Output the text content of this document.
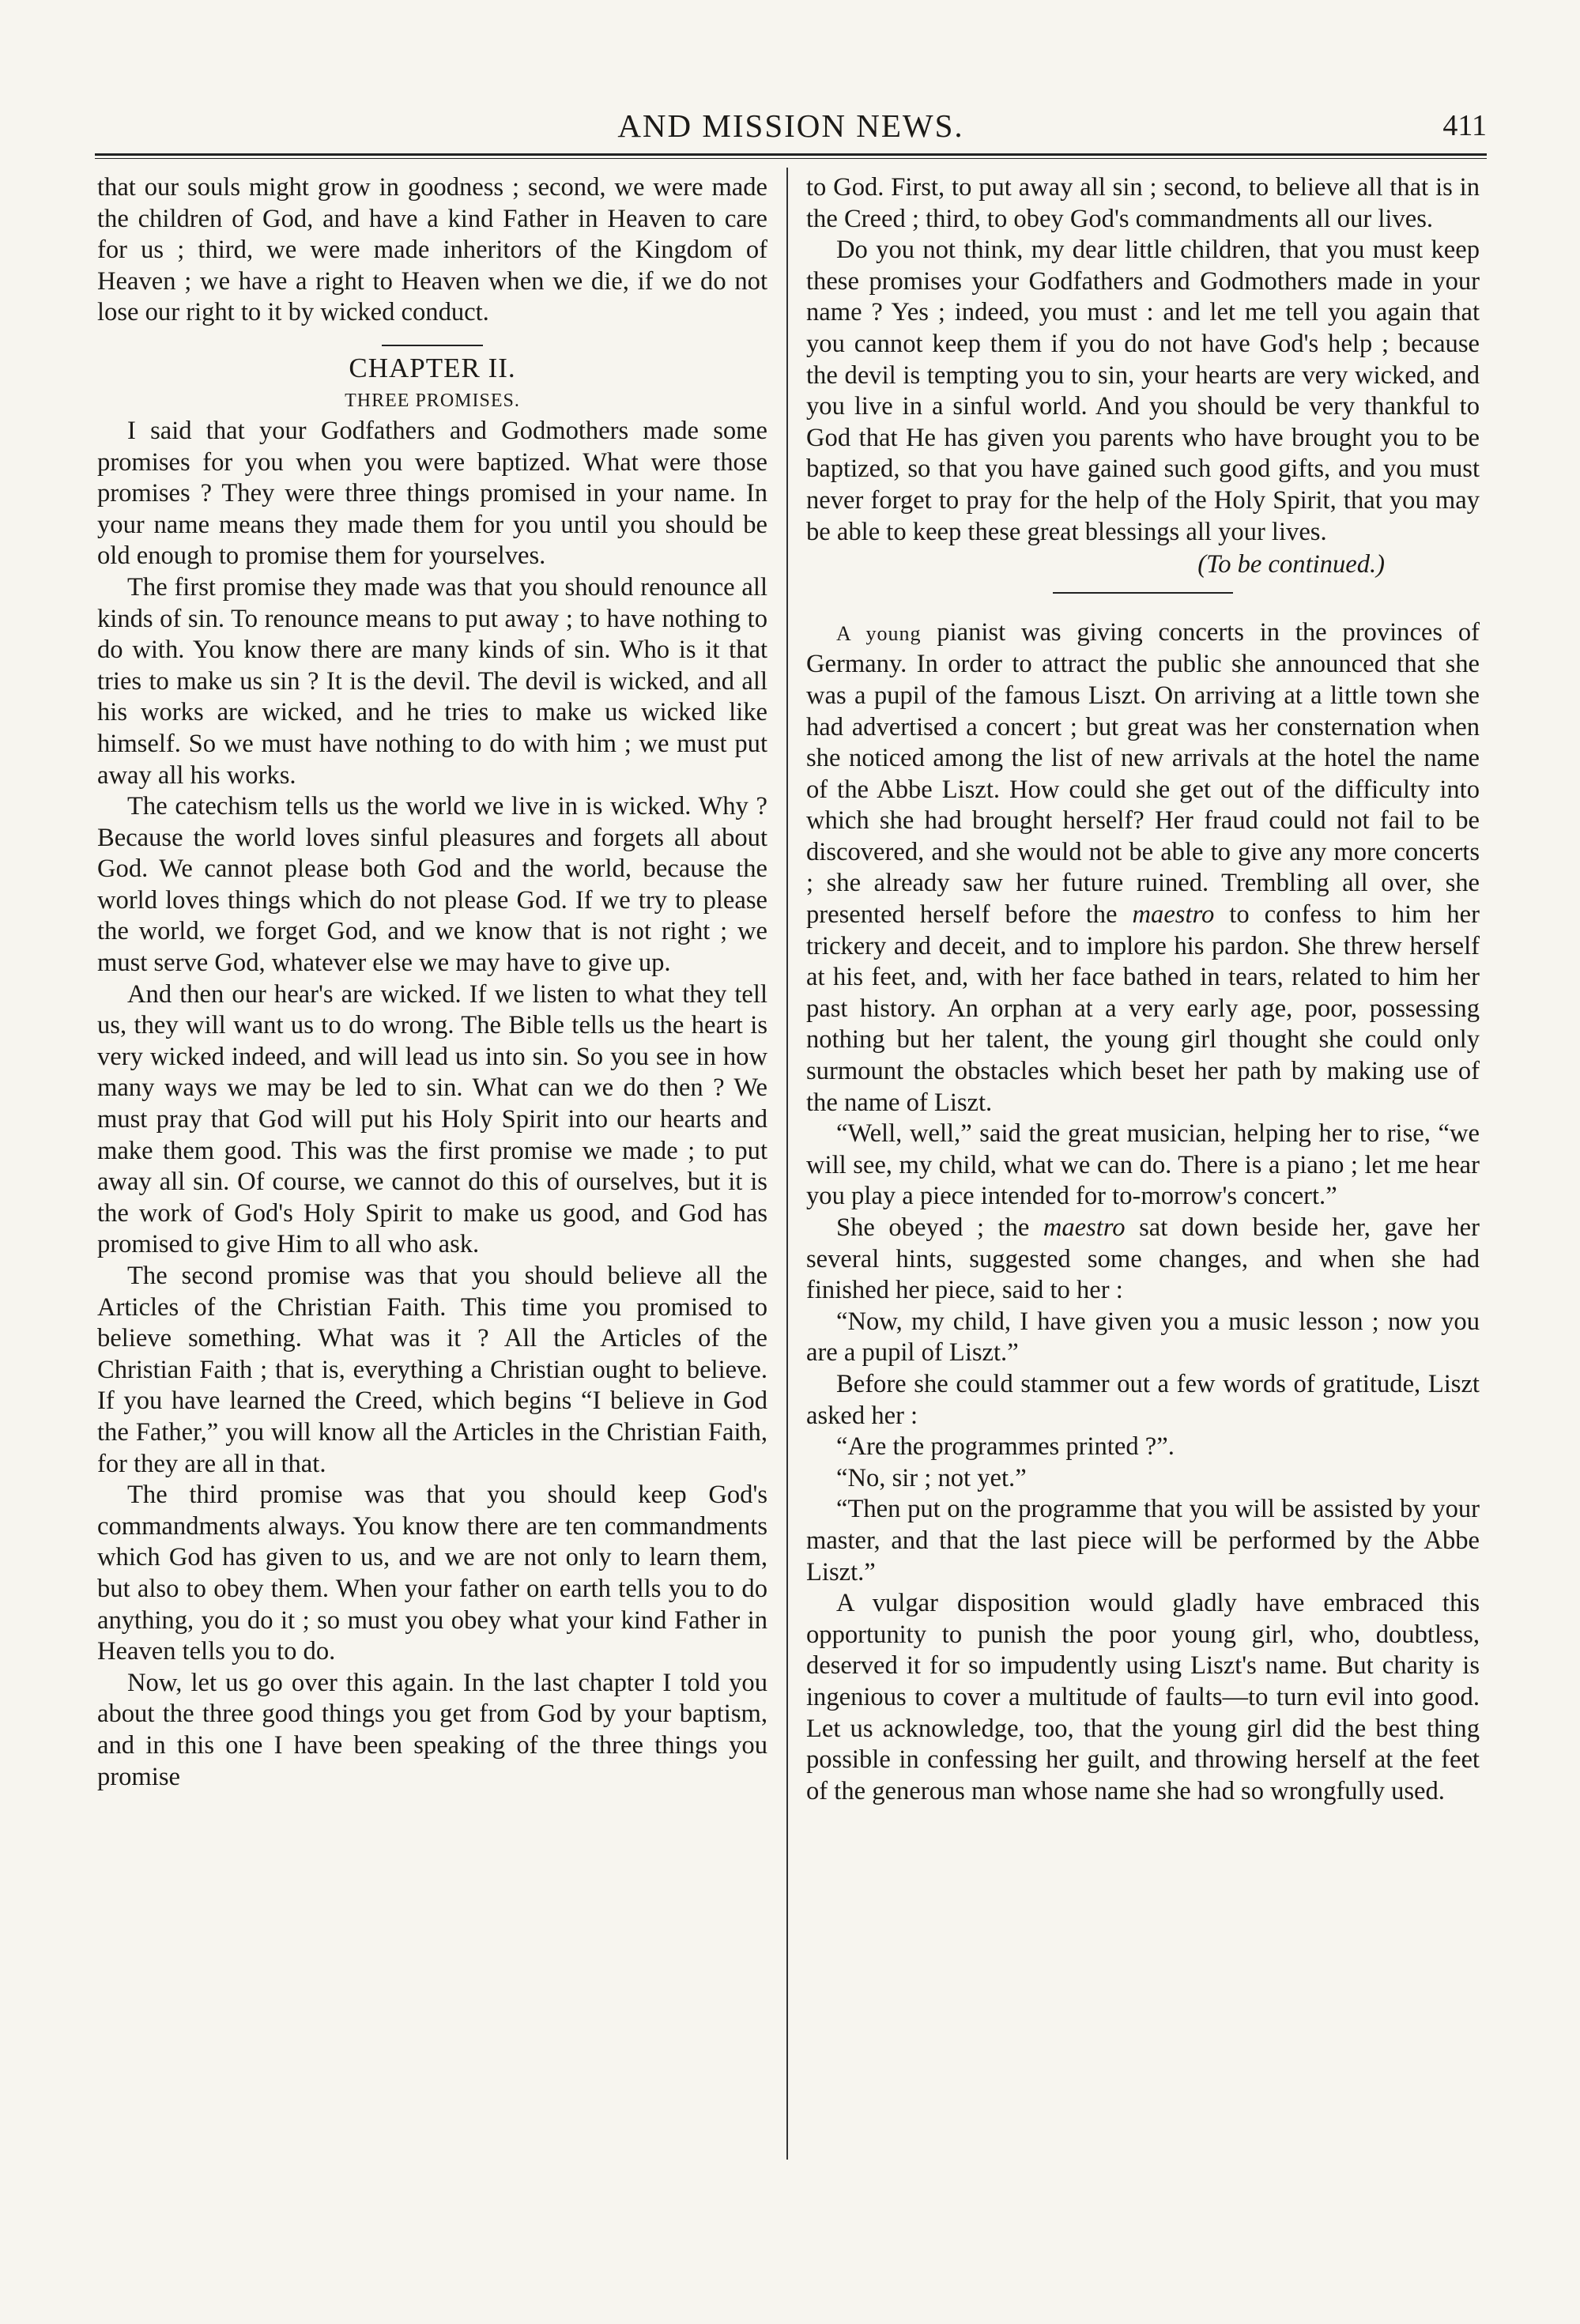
AND MISSION NEWS.	411

that our souls might grow in goodness ; second, we were made the children of God, and have a kind Father in Heaven to care for us ; third, we were made inheritors of the Kingdom of Heaven ; we have a right to Heaven when we die, if we do not lose our right to it by wicked conduct.

CHAPTER II.
THREE PROMISES.

I said that your Godfathers and Godmothers made some promises for you when you were baptized. What were those promises ? They were three things promised in your name. In your name means they made them for you until you should be old enough to promise them for yourselves.

The first promise they made was that you should renounce all kinds of sin. To renounce means to put away ; to have nothing to do with. You know there are many kinds of sin. Who is it that tries to make us sin ? It is the devil. The devil is wicked, and all his works are wicked, and he tries to make us wicked like himself. So we must have nothing to do with him ; we must put away all his works.

The catechism tells us the world we live in is wicked. Why ? Because the world loves sinful pleasures and forgets all about God. We cannot please both God and the world, because the world loves things which do not please God. If we try to please the world, we forget God, and we know that is not right ; we must serve God, whatever else we may have to give up.

And then our hear's are wicked. If we listen to what they tell us, they will want us to do wrong. The Bible tells us the heart is very wicked indeed, and will lead us into sin. So you see in how many ways we may be led to sin. What can we do then ? We must pray that God will put his Holy Spirit into our hearts and make them good. This was the first promise we made ; to put away all sin. Of course, we cannot do this of ourselves, but it is the work of God's Holy Spirit to make us good, and God has promised to give Him to all who ask.

The second promise was that you should believe all the Articles of the Christian Faith. This time you promised to believe something. What was it ? All the Articles of the Christian Faith ; that is, everything a Christian ought to believe. If you have learned the Creed, which begins “I believe in God the Father,” you will know all the Articles in the Christian Faith, for they are all in that.

The third promise was that you should keep God's commandments always. You know there are ten commandments which God has given to us, and we are not only to learn them, but also to obey them. When your father on earth tells you to do anything, you do it ; so must you obey what your kind Father in Heaven tells you to do.

Now, let us go over this again. In the last chapter I told you about the three good things you get from God by your baptism, and in this one I have been speaking of the three things you promise

to God. First, to put away all sin ; second, to believe all that is in the Creed ; third, to obey God's commandments all our lives.

Do you not think, my dear little children, that you must keep these promises your Godfathers and Godmothers made in your name ? Yes ; indeed, you must : and let me tell you again that you cannot keep them if you do not have God's help ; because the devil is tempting you to sin, your hearts are very wicked, and you live in a sinful world. And you should be very thankful to God that He has given you parents who have brought you to be baptized, so that you have gained such good gifts, and you must never forget to pray for the help of the Holy Spirit, that you may be able to keep these great blessings all your lives.

(To be continued.)

A young pianist was giving concerts in the provinces of Germany. In order to attract the public she announced that she was a pupil of the famous Liszt. On arriving at a little town she had advertised a concert ; but great was her consternation when she noticed among the list of new arrivals at the hotel the name of the Abbe Liszt. How could she get out of the difficulty into which she had brought herself? Her fraud could not fail to be discovered, and she would not be able to give any more concerts ; she already saw her future ruined. Trembling all over, she presented herself before the maestro to confess to him her trickery and deceit, and to implore his pardon. She threw herself at his feet, and, with her face bathed in tears, related to him her past history. An orphan at a very early age, poor, possessing nothing but her talent, the young girl thought she could only surmount the obstacles which beset her path by making use of the name of Liszt.

“Well, well,” said the great musician, helping her to rise, “we will see, my child, what we can do. There is a piano ; let me hear you play a piece intended for to-morrow's concert.”

She obeyed ; the maestro sat down beside her, gave her several hints, suggested some changes, and when she had finished her piece, said to her :

“Now, my child, I have given you a music lesson ; now you are a pupil of Liszt.”

Before she could stammer out a few words of gratitude, Liszt asked her :

“Are the programmes printed ?”.

“No, sir ; not yet.”

“Then put on the programme that you will be assisted by your master, and that the last piece will be performed by the Abbe Liszt.”

A vulgar disposition would gladly have embraced this opportunity to punish the poor young girl, who, doubtless, deserved it for so impudently using Liszt's name. But charity is ingenious to cover a multitude of faults—to turn evil into good. Let us acknowledge, too, that the young girl did the best thing possible in confessing her guilt, and throwing herself at the feet of the generous man whose name she had so wrongfully used.
